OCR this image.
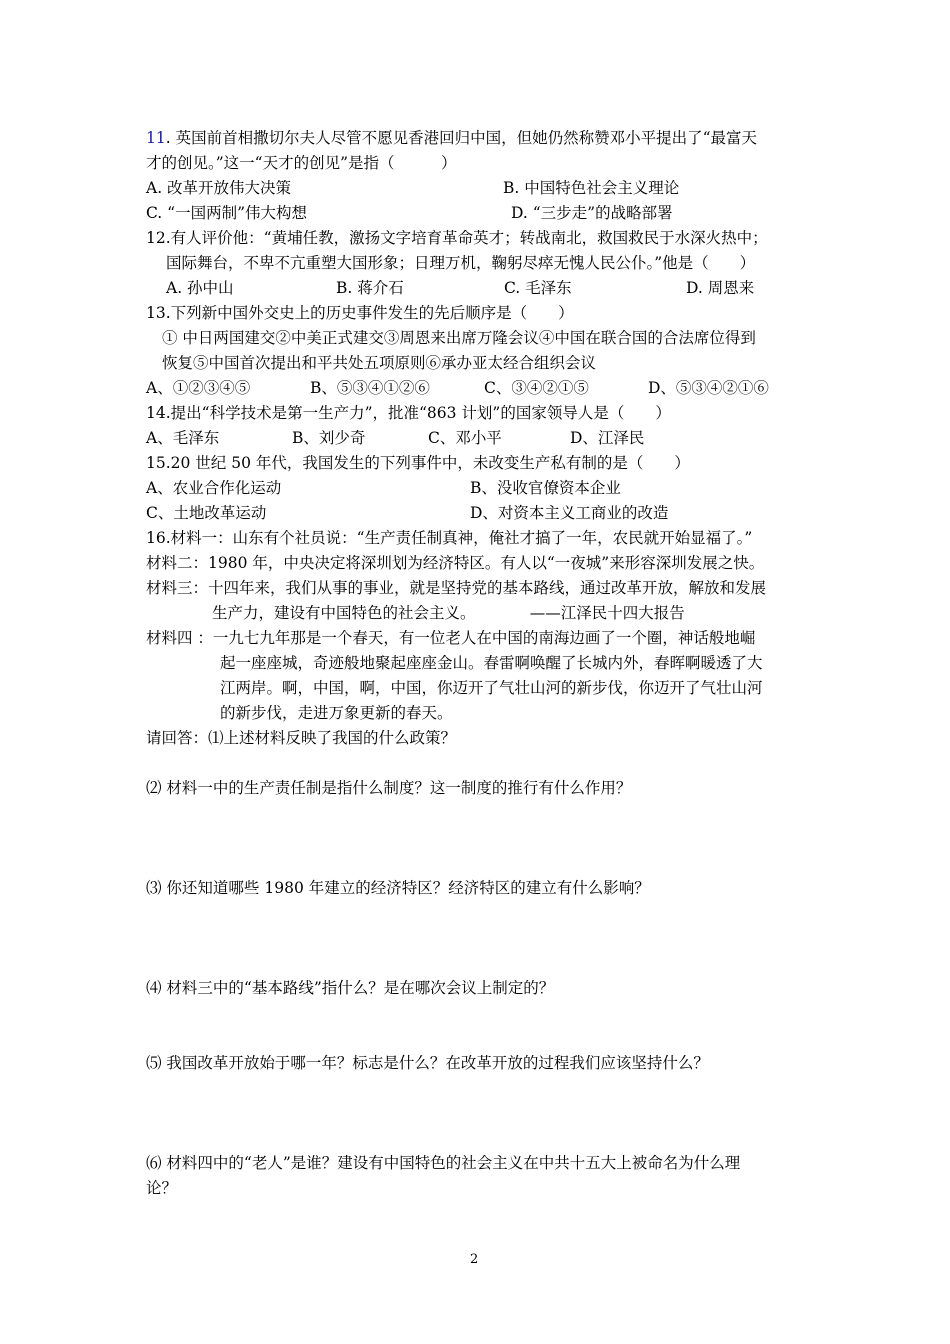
11. 英国前首相撒切尔夫人尽管不愿见香港回归中国，但她仍然称赞邓小平提出了“最富天
才的创见。”这一“天才的创见”是指（　　　）
A. 改革开放伟大决策	B. 中国特色社会主义理论
C. “一国两制”伟大构想	D. “三步走”的战略部署
12.有人评价他：“黄埔任教，激扬文字培育革命英才；转战南北，救国救民于水深火热中；
国际舞台，不卑不亢重塑大国形象；日理万机，鞠躬尽瘁无愧人民公仆。”他是（　　）
A. 孙中山	B. 蒋介石	C. 毛泽东	D. 周恩来
13.下列新中国外交史上的历史事件发生的先后顺序是（　　）
① 中日两国建交②中美正式建交③周恩来出席万隆会议④中国在联合国的合法席位得到
恢复⑤中国首次提出和平共处五项原则⑥承办亚太经合组织会议
A、①②③④⑤	B、⑤③④①②⑥	C、③④②①⑤	D、⑤③④②①⑥
14.提出“科学技术是第一生产力”，批准“863 计划”的国家领导人是（　　）
A、毛泽东	B、刘少奇	C、邓小平	D、江泽民
15.20 世纪 50 年代，我国发生的下列事件中，未改变生产私有制的是（　　）
A、农业合作化运动	B、没收官僚资本企业
C、土地改革运动	D、对资本主义工商业的改造
16.材料一：山东有个社员说：“生产责任制真神，俺社才搞了一年，农民就开始显福了。”
材料二：1980 年，中央决定将深圳划为经济特区。有人以“一夜城”来形容深圳发展之快。
材料三：十四年来，我们从事的事业，就是坚持党的基本路线，通过改革开放，解放和发展
生产力，建设有中国特色的社会主义。　　　　——江泽民十四大报告
材料四 ：一九七九年那是一个春天，有一位老人在中国的南海边画了一个圈，神话般地崛
起一座座城，奇迹般地聚起座座金山。春雷啊唤醒了长城内外，春晖啊暖透了大
江两岸。啊，中国，啊，中国，你迈开了气壮山河的新步伐，你迈开了气壮山河
的新步伐，走进万象更新的春天。
请回答：⑴上述材料反映了我国的什么政策？
⑵ 材料一中的生产责任制是指什么制度？这一制度的推行有什么作用？
⑶ 你还知道哪些 1980 年建立的经济特区？经济特区的建立有什么影响？
⑷ 材料三中的“基本路线”指什么？是在哪次会议上制定的？
⑸ 我国改革开放始于哪一年？标志是什么？在改革开放的过程我们应该坚持什么？
⑹ 材料四中的“老人”是谁？建设有中国特色的社会主义在中共十五大上被命名为什么理
论？
2
